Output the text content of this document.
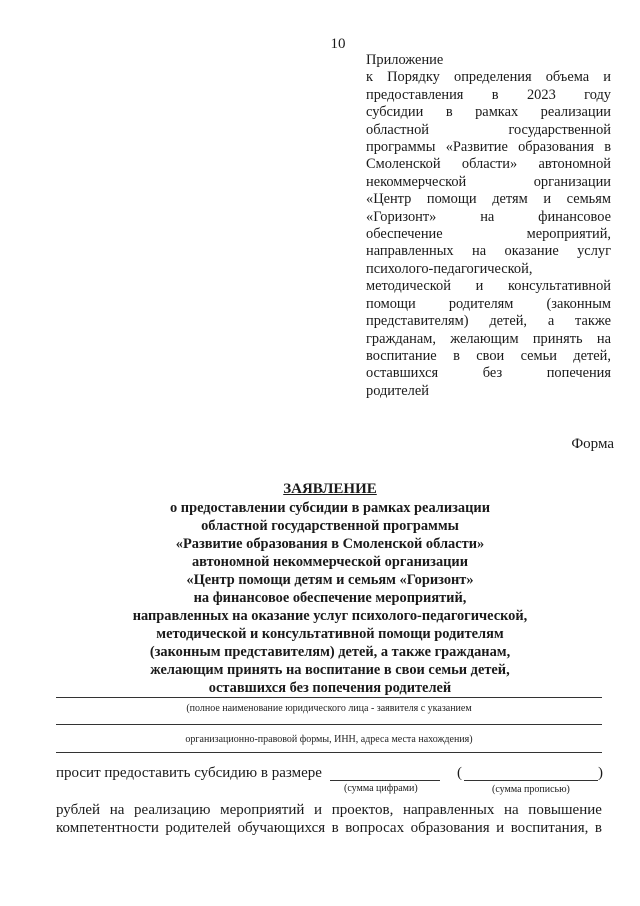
10
Приложение
к Порядку определения объема и
предоставления в 2023 году
субсидии в рамках реализации
областной	государственной
программы «Развитие образования в
Смоленской области» автономной
некоммерческой	организации
«Центр помощи детям и семьям
«Горизонт»	на	финансовое
обеспечение	мероприятий,
направленных на оказание услуг
психолого-педагогической,
методической и консультативной
помощи родителям (законным
представителям) детей, а также
гражданам, желающим принять на
воспитание в свои семьи детей,
оставшихся	без	попечения
родителей
Форма
ЗАЯВЛЕНИЕ
о предоставлении субсидии в рамках реализации
областной государственной программы
«Развитие образования в Смоленской области»
автономной некоммерческой организации
«Центр помощи детям и семьям «Горизонт»
на финансовое обеспечение мероприятий,
направленных на оказание услуг психолого-педагогической,
методической и консультативной помощи родителям
(законным представителям) детей, а также гражданам,
желающим принять на воспитание в свои семьи детей,
оставшихся без попечения родителей
(полное наименование юридического лица - заявителя с указанием
организационно-правовой формы, ИНН, адреса места нахождения)
просит предоставить субсидию в размере	(	)
(сумма цифрами)	(сумма прописью)
рублей на реализацию мероприятий и проектов, направленных на повышение
компетентности родителей обучающихся в вопросах образования и воспитания, в
